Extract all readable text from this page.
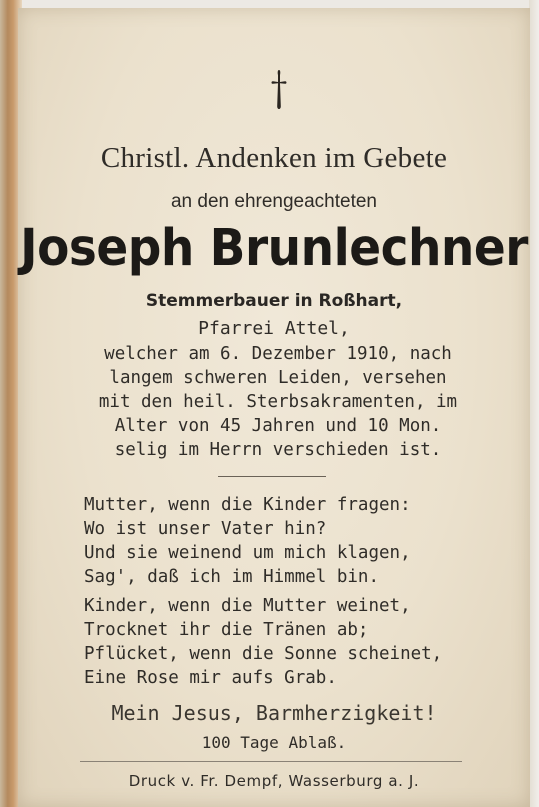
Christl. Andenken im Gebete
an den ehrengeachteten
Joseph Brunlechner
Stemmerbauer in Roßhart,
Pfarrei Attel,
welcher am 6. Dezember 1910, nach
langem schweren Leiden, versehen
mit den heil. Sterbsakramenten, im
Alter von 45 Jahren und 10 Mon.
selig im Herrn verschieden ist.
Mutter, wenn die Kinder fragen:
Wo ist unser Vater hin?
Und sie weinend um mich klagen,
Sag', daß ich im Himmel bin.
Kinder, wenn die Mutter weinet,
Trocknet ihr die Tränen ab;
Pflücket, wenn die Sonne scheinet,
Eine Rose mir aufs Grab.
Mein Jesus, Barmherzigkeit!
100 Tage Ablaß.
Druck v. Fr. Dempf, Wasserburg a. J.
